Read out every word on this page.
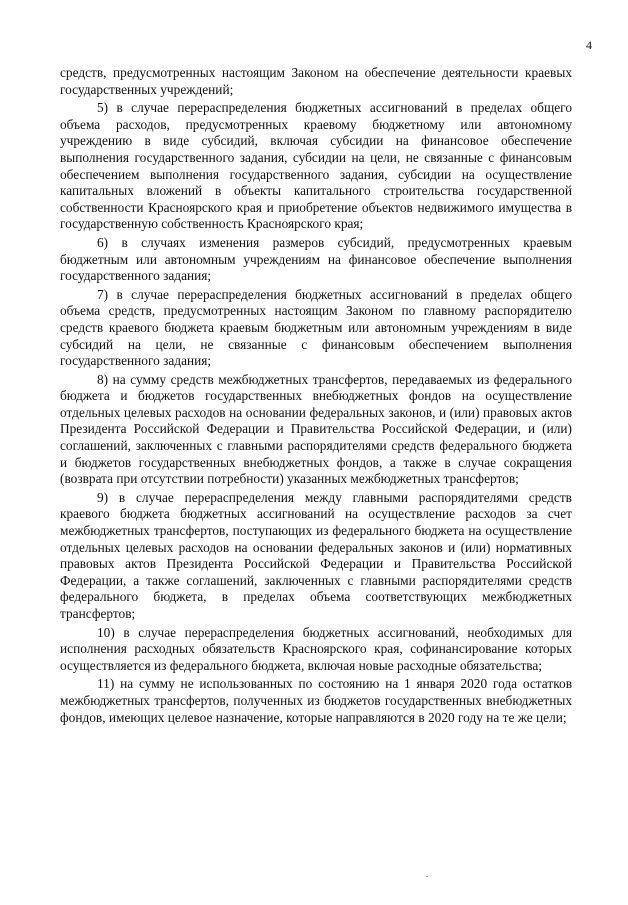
4

средств, предусмотренных настоящим Законом на обеспечение деятельности краевых государственных учреждений;

5) в случае перераспределения бюджетных ассигнований в пределах общего объема расходов, предусмотренных краевому бюджетному или автономному учреждению в виде субсидий, включая субсидии на финансовое обеспечение выполнения государственного задания, субсидии на цели, не связанные с финансовым обеспечением выполнения государственного задания, субсидии на осуществление капитальных вложений в объекты капитального строительства государственной собственности Красноярского края и приобретение объектов недвижимого имущества в государственную собственность Красноярского края;

6) в случаях изменения размеров субсидий, предусмотренных краевым бюджетным или автономным учреждениям на финансовое обеспечение выполнения государственного задания;

7) в случае перераспределения бюджетных ассигнований в пределах общего объема средств, предусмотренных настоящим Законом по главному распорядителю средств краевого бюджета краевым бюджетным или автономным учреждениям в виде субсидий на цели, не связанные с финансовым обеспечением выполнения государственного задания;

8) на сумму средств межбюджетных трансфертов, передаваемых из федерального бюджета и бюджетов государственных внебюджетных фондов на осуществление отдельных целевых расходов на основании федеральных законов, и (или) правовых актов Президента Российской Федерации и Правительства Российской Федерации, и (или) соглашений, заключенных с главными распорядителями средств федерального бюджета и бюджетов государственных внебюджетных фондов, а также в случае сокращения (возврата при отсутствии потребности) указанных межбюджетных трансфертов;

9) в случае перераспределения между главными распорядителями средств краевого бюджета бюджетных ассигнований на осуществление расходов за счет межбюджетных трансфертов, поступающих из федерального бюджета на осуществление отдельных целевых расходов на основании федеральных законов и (или) нормативных правовых актов Президента Российской Федерации и Правительства Российской Федерации, а также соглашений, заключенных с главными распорядителями средств федерального бюджета, в пределах объема соответствующих межбюджетных трансфертов;

10) в случае перераспределения бюджетных ассигнований, необходимых для исполнения расходных обязательств Красноярского края, софинансирование которых осуществляется из федерального бюджета, включая новые расходные обязательства;

11) на сумму не использованных по состоянию на 1 января 2020 года остатков межбюджетных трансфертов, полученных из бюджетов государственных внебюджетных фондов, имеющих целевое назначение, которые направляются в 2020 году на те же цели;
